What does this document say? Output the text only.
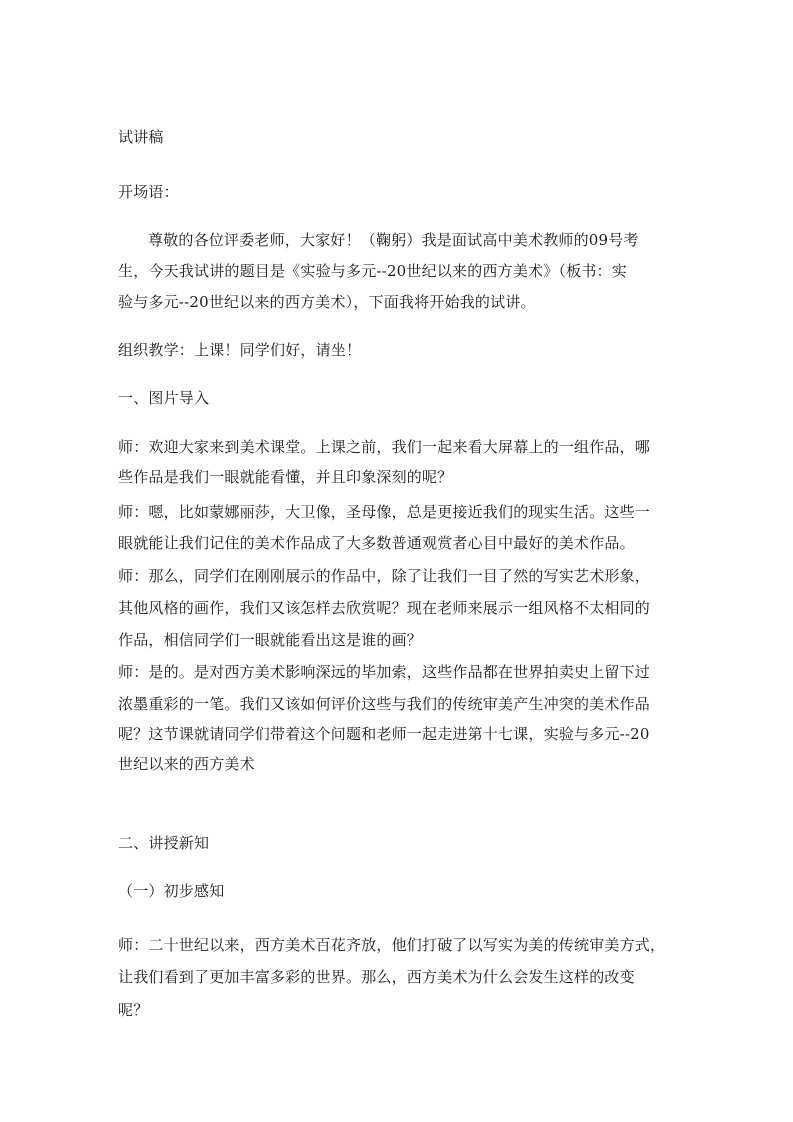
试讲稿
开场语：
尊敬的各位评委老师，大家好！（鞠躬）我是面试高中美术教师的09号考
生，今天我试讲的题目是《实验与多元--20世纪以来的西方美术》（板书：实
验与多元--20世纪以来的西方美术），下面我将开始我的试讲。
组织教学：上课！同学们好，请坐！
一、图片导入
师：欢迎大家来到美术课堂。上课之前，我们一起来看大屏幕上的一组作品，哪
些作品是我们一眼就能看懂，并且印象深刻的呢？
师：嗯，比如蒙娜丽莎，大卫像，圣母像，总是更接近我们的现实生活。这些一
眼就能让我们记住的美术作品成了大多数普通观赏者心目中最好的美术作品。
师：那么，同学们在刚刚展示的作品中，除了让我们一目了然的写实艺术形象，
其他风格的画作，我们又该怎样去欣赏呢？现在老师来展示一组风格不太相同的
作品，相信同学们一眼就能看出这是谁的画？
师：是的。是对西方美术影响深远的毕加索，这些作品都在世界拍卖史上留下过
浓墨重彩的一笔。我们又该如何评价这些与我们的传统审美产生冲突的美术作品
呢？这节课就请同学们带着这个问题和老师一起走进第十七课，实验与多元--20
世纪以来的西方美术
二、讲授新知
（一）初步感知
师：二十世纪以来，西方美术百花齐放，他们打破了以写实为美的传统审美方式，
让我们看到了更加丰富多彩的世界。那么，西方美术为什么会发生这样的改变
呢？
